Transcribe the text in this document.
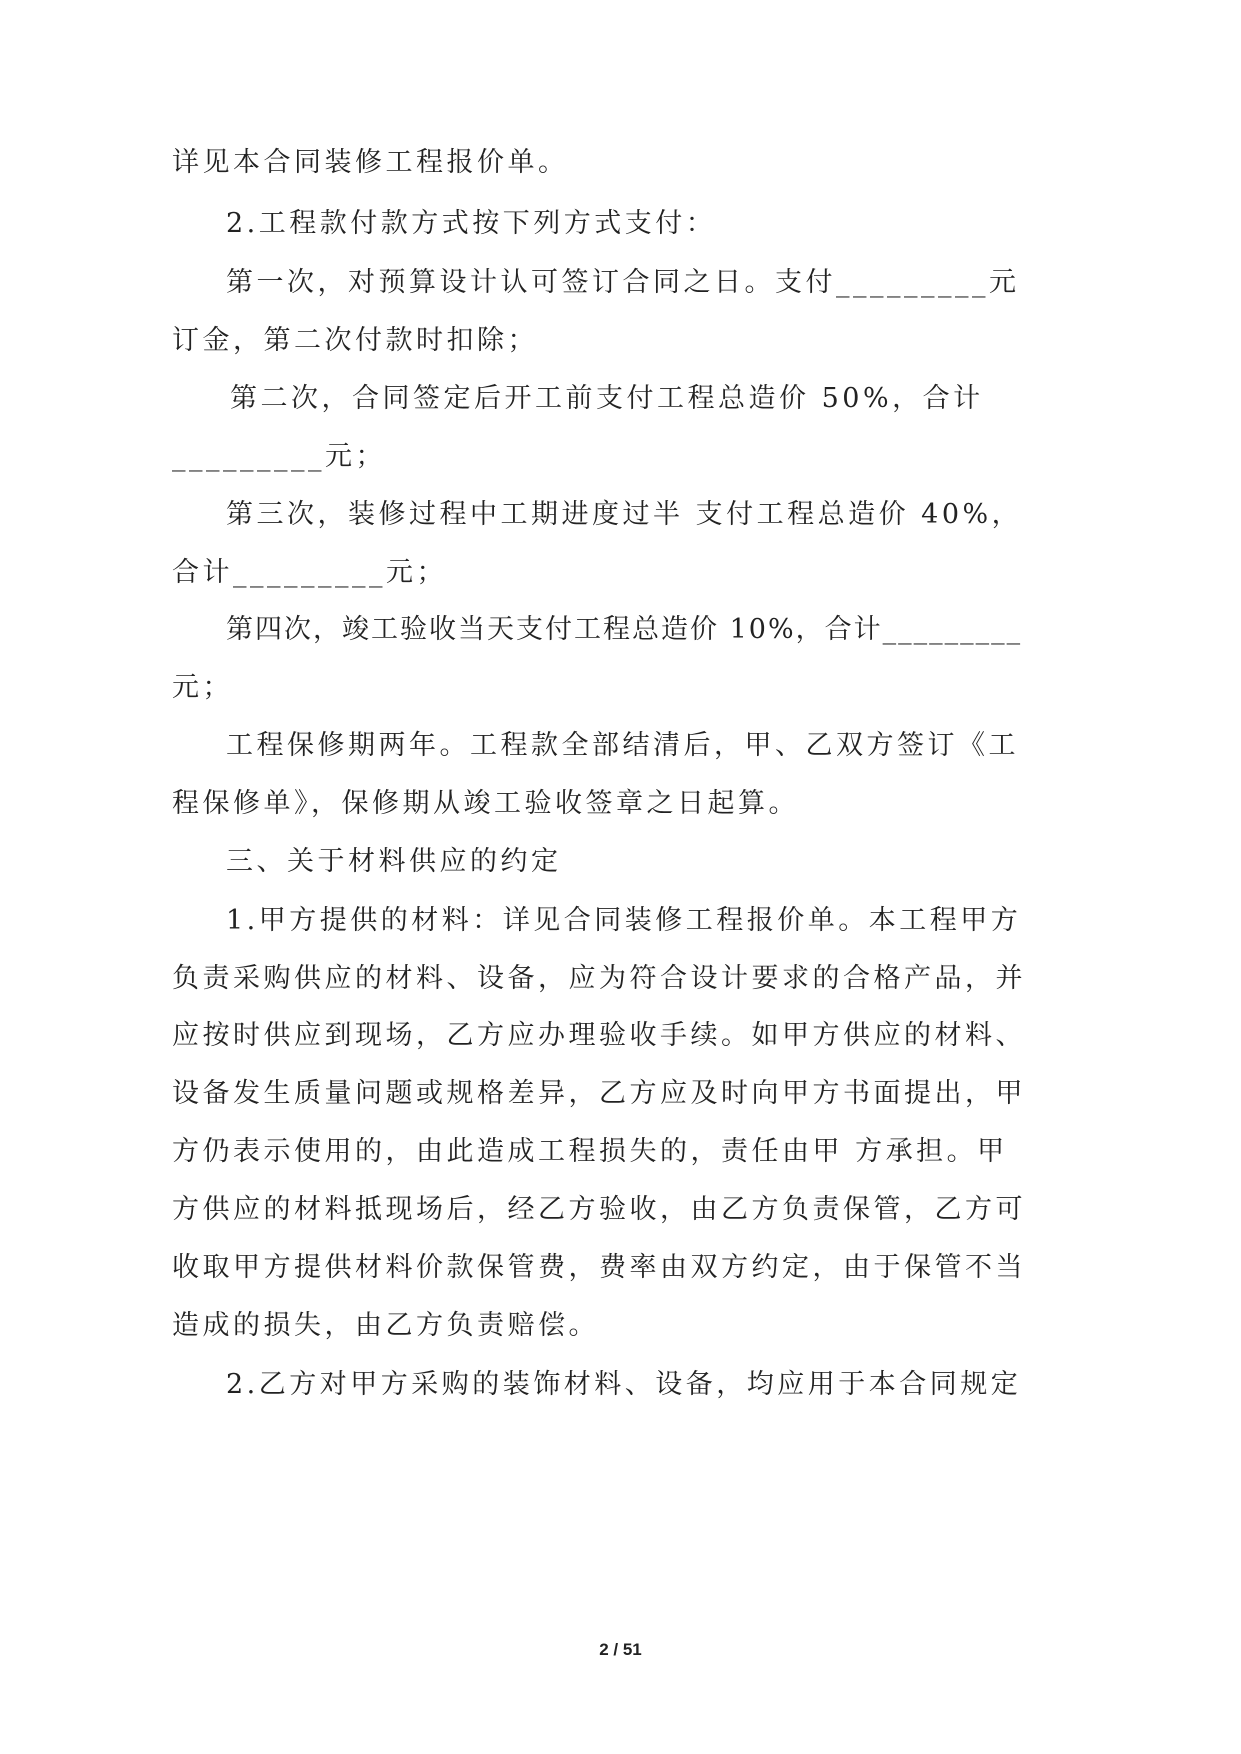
详见本合同装修工程报价单。

2.工程款付款方式按下列方式支付：

第一次，对预算设计认可签订合同之日。支付_________元

订金，第二次付款时扣除；

第二次，合同签定后开工前支付工程总造价 50%，合计

_________元；

第三次，装修过程中工期进度过半 支付工程总造价 40%，

合计_________元；

第四次，竣工验收当天支付工程总造价 10%，合计_________

元；

工程保修期两年。工程款全部结清后，甲、乙双方签订《工

程保修单》，保修期从竣工验收签章之日起算。

三、关于材料供应的约定

1.甲方提供的材料：详见合同装修工程报价单。本工程甲方

负责采购供应的材料、设备，应为符合设计要求的合格产品，并

应按时供应到现场，乙方应办理验收手续。如甲方供应的材料、

设备发生质量问题或规格差异，乙方应及时向甲方书面提出，甲

方仍表示使用的，由此造成工程损失的，责任由甲 方承担。甲

方供应的材料抵现场后，经乙方验收，由乙方负责保管，乙方可

收取甲方提供材料价款保管费，费率由双方约定，由于保管不当

造成的损失，由乙方负责赔偿。

2.乙方对甲方采购的装饰材料、设备，均应用于本合同规定

2 / 51
